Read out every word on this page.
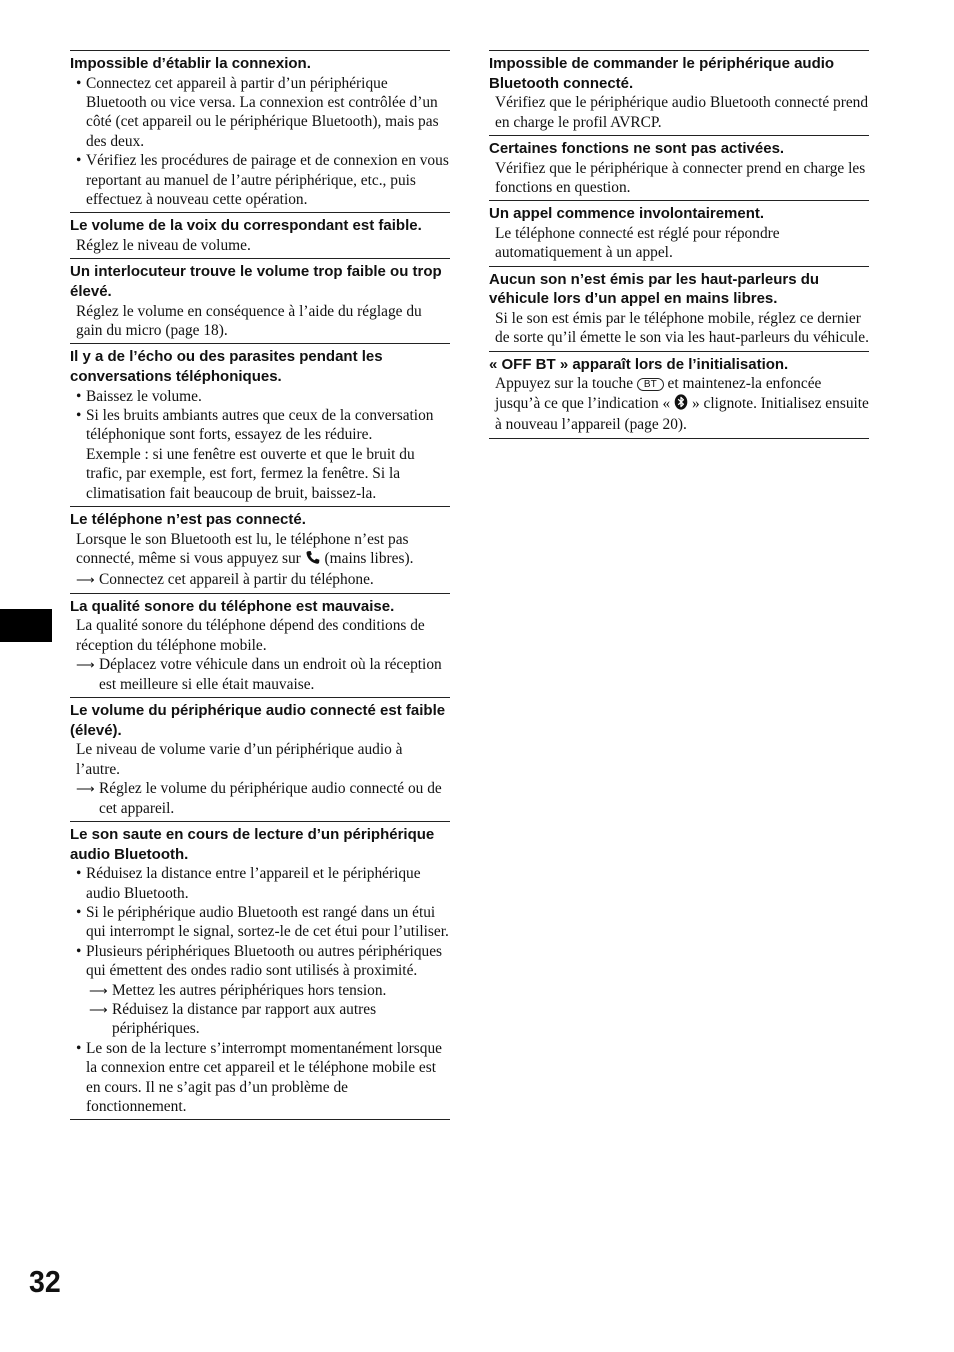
Impossible d’établir la connexion.

• Connectez cet appareil à partir d’un périphérique Bluetooth ou vice versa. La connexion est contrôlée d’un côté (cet appareil ou le périphérique Bluetooth), mais pas des deux.

• Vérifiez les procédures de pairage et de connexion en vous reportant au manuel de l’autre périphérique, etc., puis effectuez à nouveau cette opération.

Le volume de la voix du correspondant est faible.

Réglez le niveau de volume.

Un interlocuteur trouve le volume trop faible ou trop élevé.

Réglez le volume en conséquence à l’aide du réglage du gain du micro (page 18).

Il y a de l’écho ou des parasites pendant les conversations téléphoniques.

• Baissez le volume.

• Si les bruits ambiants autres que ceux de la conversation téléphonique sont forts, essayez de les réduire.

Exemple : si une fenêtre est ouverte et que le bruit du trafic, par exemple, est fort, fermez la fenêtre. Si la climatisation fait beaucoup de bruit, baissez-la.

Le téléphone n’est pas connecté.

Lorsque le son Bluetooth est lu, le téléphone n’est pas connecté, même si vous appuyez sur (mains libres).

⟶ Connectez cet appareil à partir du téléphone.

La qualité sonore du téléphone est mauvaise.

La qualité sonore du téléphone dépend des conditions de réception du téléphone mobile.

⟶ Déplacez votre véhicule dans un endroit où la réception est meilleure si elle était mauvaise.

Le volume du périphérique audio connecté est faible (élevé).

Le niveau de volume varie d’un périphérique audio à l’autre.

⟶ Réglez le volume du périphérique audio connecté ou de cet appareil.

Le son saute en cours de lecture d’un périphérique audio Bluetooth.

• Réduisez la distance entre l’appareil et le périphérique audio Bluetooth.

• Si le périphérique audio Bluetooth est rangé dans un étui qui interrompt le signal, sortez-le de cet étui pour l’utiliser.

• Plusieurs périphériques Bluetooth ou autres périphériques qui émettent des ondes radio sont utilisés à proximité.

⟶ Mettez les autres périphériques hors tension.

⟶ Réduisez la distance par rapport aux autres périphériques.

• Le son de la lecture s’interrompt momentanément lorsque la connexion entre cet appareil et le téléphone mobile est en cours. Il ne s’agit pas d’un problème de fonctionnement.

Impossible de commander le périphérique audio Bluetooth connecté.

Vérifiez que le périphérique audio Bluetooth connecté prend en charge le profil AVRCP.

Certaines fonctions ne sont pas activées.

Vérifiez que le périphérique à connecter prend en charge les fonctions en question.

Un appel commence involontairement.

Le téléphone connecté est réglé pour répondre automatiquement à un appel.

Aucun son n’est émis par les haut-parleurs du véhicule lors d’un appel en mains libres.

Si le son est émis par le téléphone mobile, réglez ce dernier de sorte qu’il émette le son via les haut-parleurs du véhicule.

« OFF BT » apparaît lors de l’initialisation.

Appuyez sur la touche BT et maintenez-la enfoncée jusqu’à ce que l’indication « » clignote. Initialisez ensuite à nouveau l’appareil (page 20).

32
